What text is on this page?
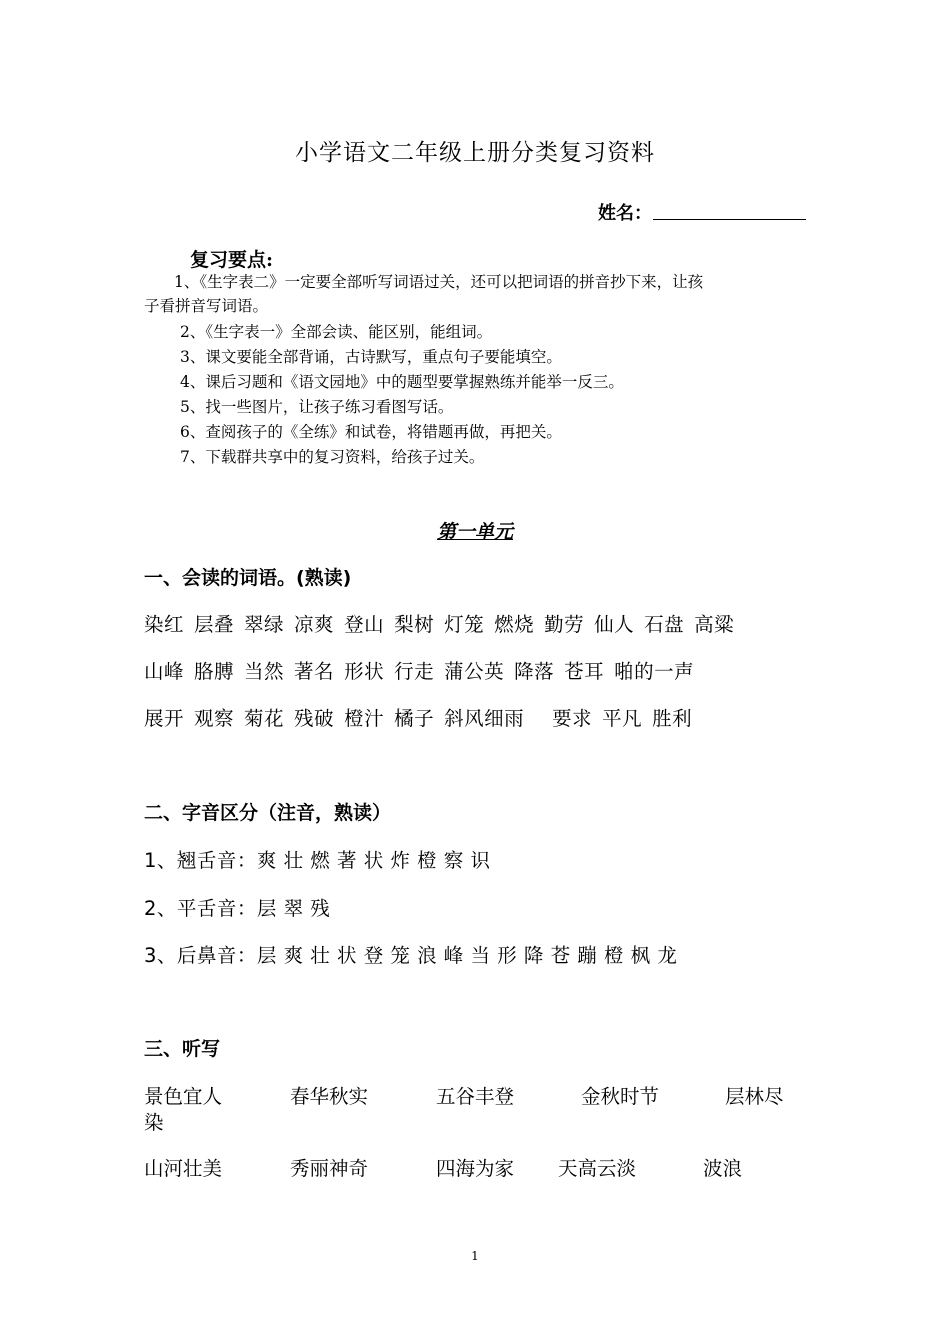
小学语文二年级上册分类复习资料
姓名：
复习要点:
1、《生字表二》一定要全部听写词语过关，还可以把词语的拼音抄下来，让孩
子看拼音写词语。
2、《生字表一》全部会读、能区别，能组词。
3、课文要能全部背诵，古诗默写，重点句子要能填空。
4、课后习题和《语文园地》中的题型要掌握熟练并能举一反三。
5、找一些图片，让孩子练习看图写话。
6、查阅孩子的《全练》和试卷，将错题再做，再把关。
7、下载群共享中的复习资料，给孩子过关。
第一单元
一、会读的词语。(熟读)
染红 层叠 翠绿 凉爽 登山 梨树 灯笼 燃烧 勤劳 仙人 石盘 高粱
山峰 胳膊 当然 著名 形状 行走 蒲公英 降落 苍耳 啪的一声
展开 观察 菊花 残破 橙汁 橘子 斜风细雨 要求 平凡 胜利
二、字音区分（注音，熟读）
1、翘舌音：爽 壮 燃 著 状 炸 橙 察 识
2、平舌音：层 翠 残
3、后鼻音：层 爽 壮 状 登 笼 浪 峰 当 形 降 苍 蹦 橙 枫 龙
三、听写
景色宜人	春华秋实	五谷丰登	金秋时节	层林尽
染
山河壮美	秀丽神奇	四海为家 天高云淡	波浪
1
